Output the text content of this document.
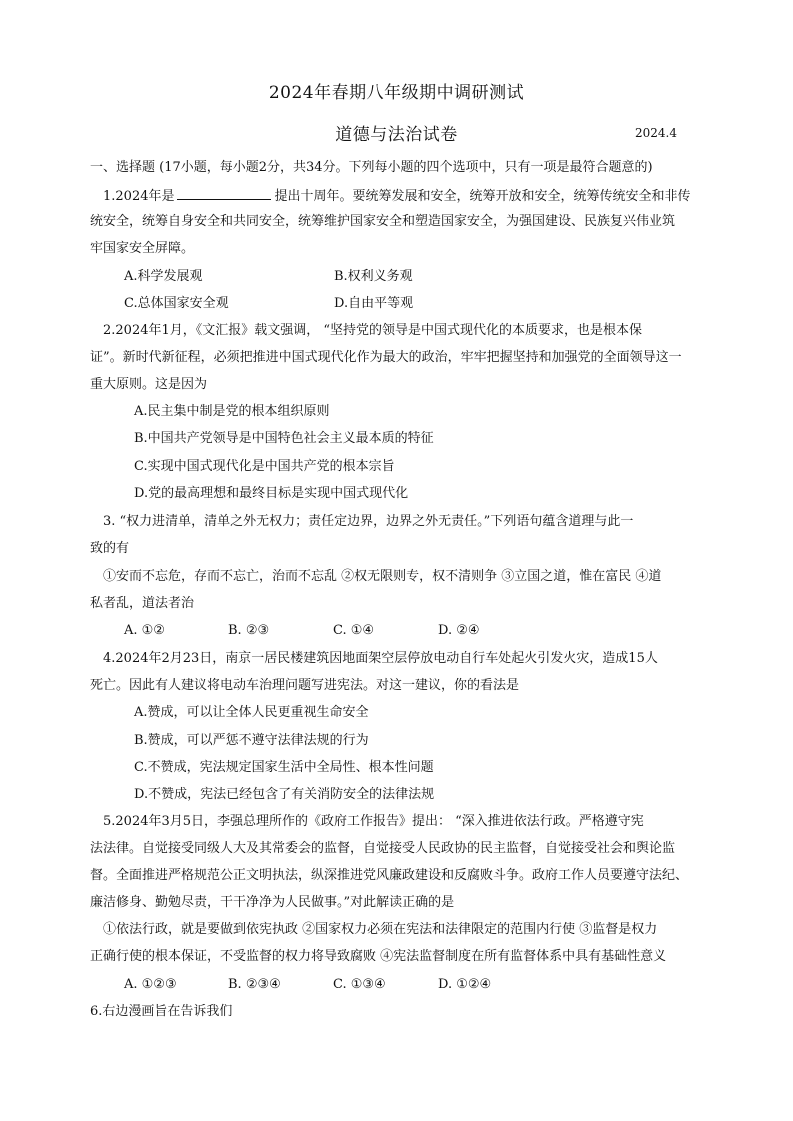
2024年春期八年级期中调研测试
道德与法治试卷	2024.4
一、选择题 (17小题，每小题2分，共34分。下列每小题的四个选项中，只有一项是最符合题意的)
1.2024年是	提出十周年。要统筹发展和安全，统筹开放和安全，统筹传统安全和非传
统安全，统筹自身安全和共同安全，统筹维护国家安全和塑造国家安全，为强国建设、民族复兴伟业筑
牢国家安全屏障。
A.科学发展观	B.权利义务观
C.总体国家安全观	D.自由平等观
2.2024年1月，《文汇报》载文强调， “坚持党的领导是中国式现代化的本质要求，也是根本保
证”。新时代新征程，必须把推进中国式现代化作为最大的政治，牢牢把握坚持和加强党的全面领导这一
重大原则。这是因为
A.民主集中制是党的根本组织原则
B.中国共产党领导是中国特色社会主义最本质的特征
C.实现中国式现代化是中国共产党的根本宗旨
D.党的最高理想和最终目标是实现中国式现代化
3. “权力进清单，清单之外无权力；责任定边界，边界之外无责任。”下列语句蕴含道理与此一
致的有
①安而不忘危，存而不忘亡，治而不忘乱 ②权无限则专，权不清则争 ③立国之道，惟在富民 ④道
私者乱，道法者治
A. ①②	B. ②③	C. ①④	D. ②④
4.2024年2月23日，南京一居民楼建筑因地面架空层停放电动自行车处起火引发火灾，造成15人
死亡。因此有人建议将电动车治理问题写进宪法。对这一建议，你的看法是
A.赞成，可以让全体人民更重视生命安全
B.赞成，可以严惩不遵守法律法规的行为
C.不赞成，宪法规定国家生活中全局性、根本性问题
D.不赞成，宪法已经包含了有关消防安全的法律法规
5.2024年3月5日，李强总理所作的《政府工作报告》提出： “深入推进依法行政。严格遵守宪
法法律。自觉接受同级人大及其常委会的监督，自觉接受人民政协的民主监督，自觉接受社会和舆论监
督。全面推进严格规范公正文明执法，纵深推进党风廉政建设和反腐败斗争。政府工作人员要遵守法纪、
廉洁修身、勤勉尽责，干干净净为人民做事。”对此解读正确的是
①依法行政，就是要做到依宪执政 ②国家权力必须在宪法和法律限定的范围内行使 ③监督是权力
正确行使的根本保证，不受监督的权力将导致腐败 ④宪法监督制度在所有监督体系中具有基础性意义
A. ①②③	B. ②③④	C. ①③④	D. ①②④
6.右边漫画旨在告诉我们
